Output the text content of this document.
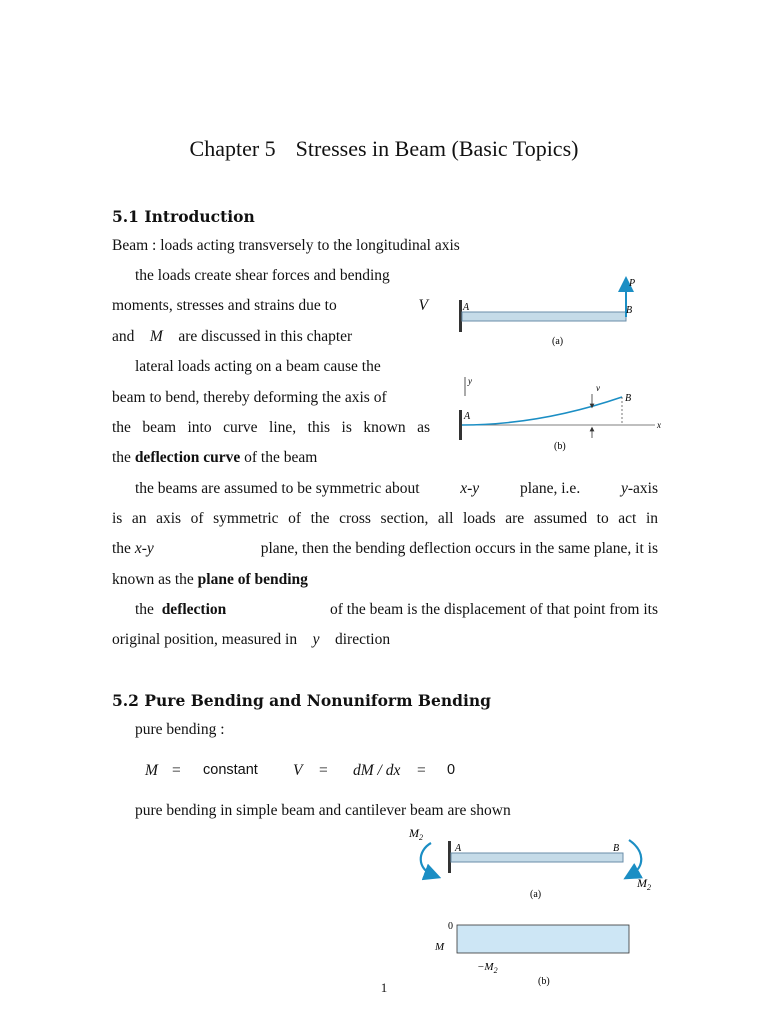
Chapter 5 Stresses in Beam (Basic Topics)
5.1 Introduction
Beam : loads acting transversely to the longitudinal axis
the loads create shear forces and bending
moments, stresses and strains due to	V
and M are discussed in this chapter
lateral loads acting on a beam cause the
beam to bend, thereby deforming the axis of
the beam into curve line, this is known as
the deflection curve of the beam
the beams are assumed to be symmetric about	x-y	plane, i.e.	y-axis
is an axis of symmetric of the cross section, all loads are assumed to act in
the x-y	plane, then the bending deflection occurs in the same plane, it is
known as the plane of bending
the deflection	of the beam is the displacement of that point from its
original position, measured in y direction
5.2 Pure Bending and Nonuniform Bending
pure bending :
M = constant V = dM / dx = 0
pure bending in simple beam and cantilever beam are shown
A	B
P
(a)
y
v
A
B
x
(b)
$M_2$
A	B
$M_2$
(a)
0
M
$-M_2$
(b)
1
